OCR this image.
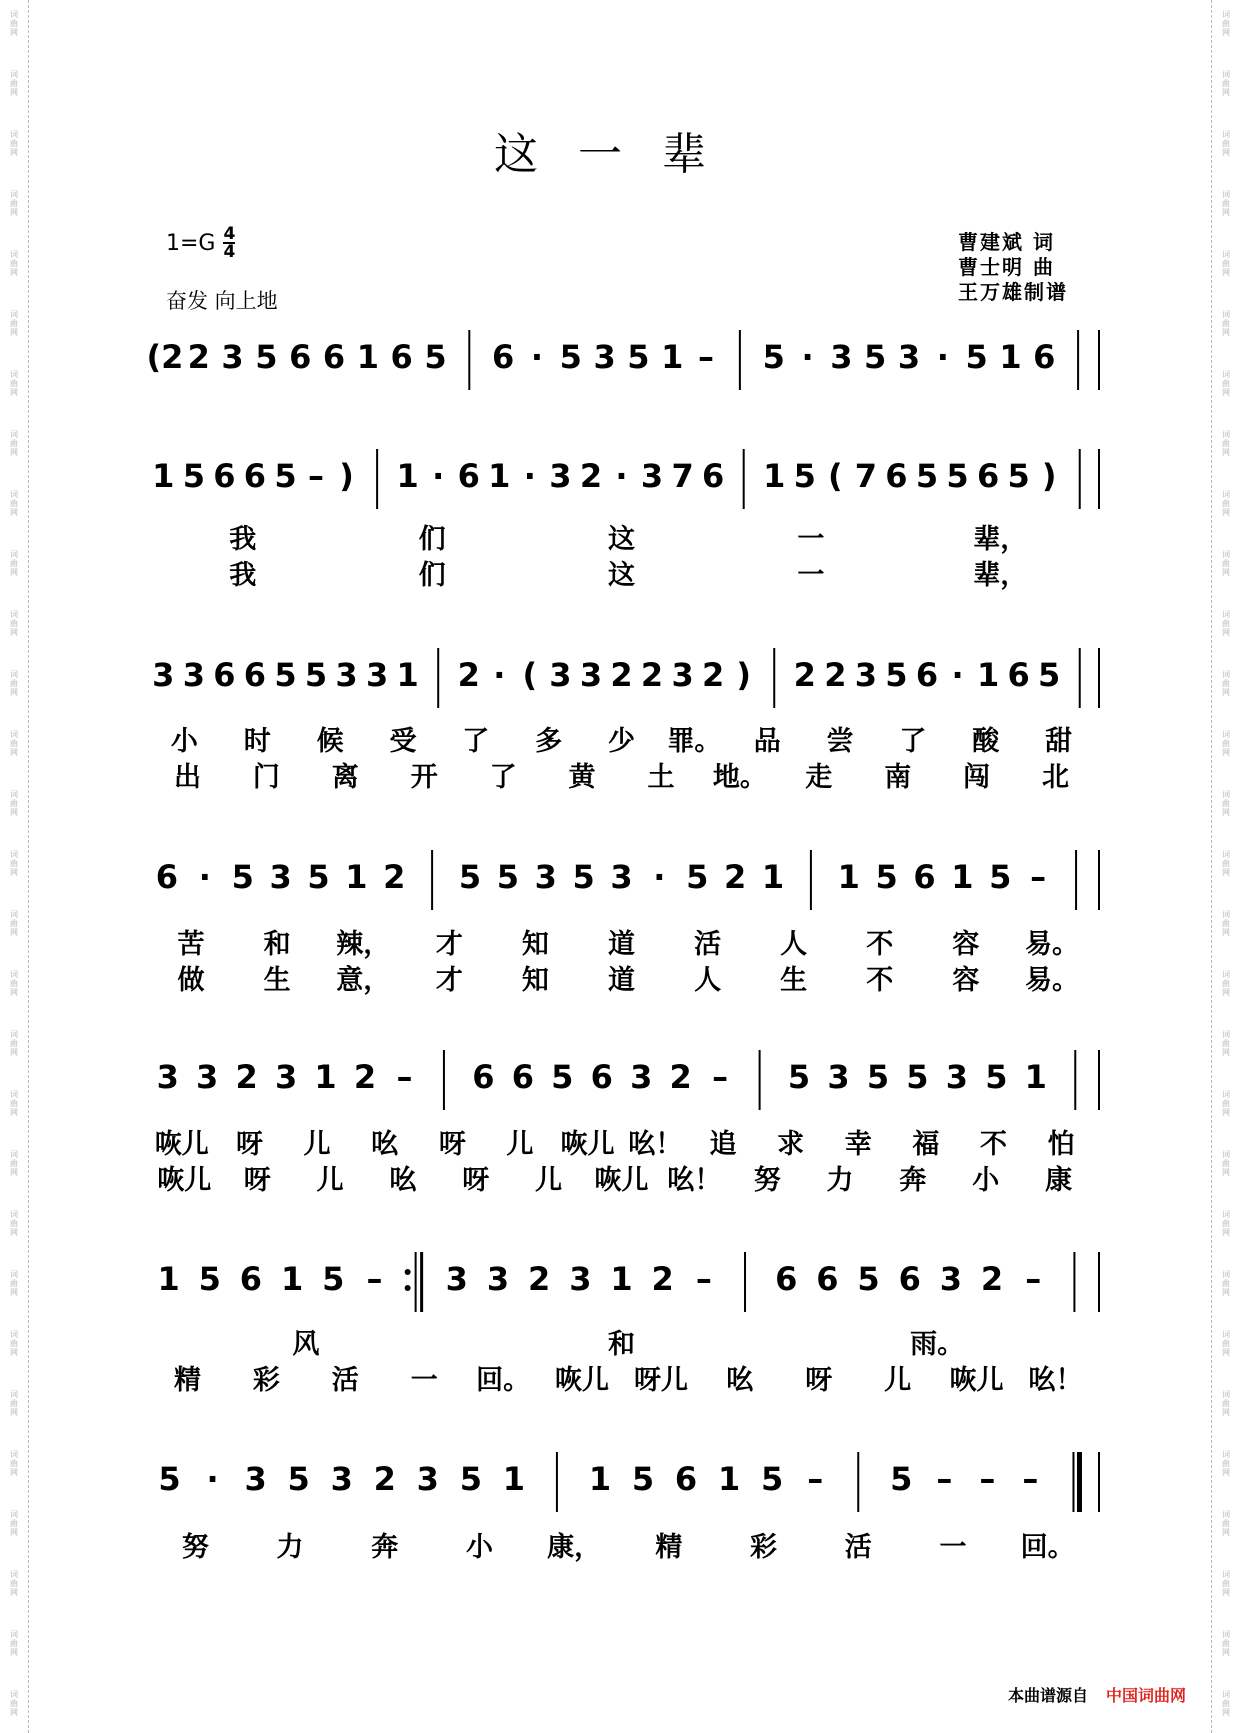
词
曲
网
词
曲
网
词
曲
网
词
曲
网
词
曲
网
词
曲
网
词
曲
网
词
曲
网
词
曲
网
词
曲
网
词
曲
网
词
曲
网
词
曲
网
词
曲
网
词
曲
网
词
曲
网
词
曲
网
词
曲
网
词
曲
网
词
曲
网
词
曲
网
词
曲
网
词
曲
网
词
曲
网
词
曲
网
词
曲
网
词
曲
网
词
曲
网
词
曲
网
词
曲
网
词
曲
网
词
曲
网
词
曲
网
词
曲
网
词
曲
网
词
曲
网
词
曲
网
词
曲
网
词
曲
网
词
曲
网
词
曲
网
词
曲
网
词
曲
网
词
曲
网
词
曲
网
词
曲
网
词
曲
网
词
曲
网
词
曲
网
词
曲
网
词
曲
网
词
曲
网
词
曲
网
词
曲
网
词
曲
网
词
曲
网
词
曲
网
词
曲
网
这一辈
$1=G \frac{4}{4}$
奋发 向上地
曹建斌 词
曹士明 曲
王万雄制谱
(2 2 3 5 6 6 1 6 5 6 · 5 3 5 1 – 5 · 3 5 3 · 5 1 6
1 5 6 6 5 – ) 1 · 6 1 · 3 2 · 3 7 6 1 5 ( 7 6 5 5 6 5 )
我	们	这	一	辈，
我	们	这	一	辈，
3 3 6 6 5 5 3 3 1 2 · ( 3 3 2 2 3 2 ) 2 2 3 5 6 · 1 6 5
小 时 候 受 了 多 少 罪。 品 尝 了 酸 甜
出 门 离 开 了 黄 土 地。 走 南 闯 北
6 · 5 3 5 1 2 5 5 3 5 3 · 5 2 1 1 5 6 1 5 –
苦 和 辣， 才 知 道 活 人 不 容 易。
做 生 意， 才 知 道 人 生 不 容 易。
3 3 2 3 1 2 – 6 6 5 6 3 2 – 5 3 5 5 3 5 1
咴儿 呀 儿 吆 呀 儿 咴儿 吆！ 追 求 幸 福 不 怕
咴儿 呀 儿 吆 呀 儿 咴儿 吆！ 努 力 奔 小 康
1 5 6 1 5 – 3 3 2 3 1 2 – 6 6 5 6 3 2 –
风	和	雨。
精 彩 活 一 回。 咴儿 呀儿 吆 呀 儿 咴儿 吆！
5 · 3 5 3 2 3 5 1 1 5 6 1 5 – 5 – – –
努	力	奔	小 康， 精	彩	活	一 回。
本曲谱源自 中国词曲网
